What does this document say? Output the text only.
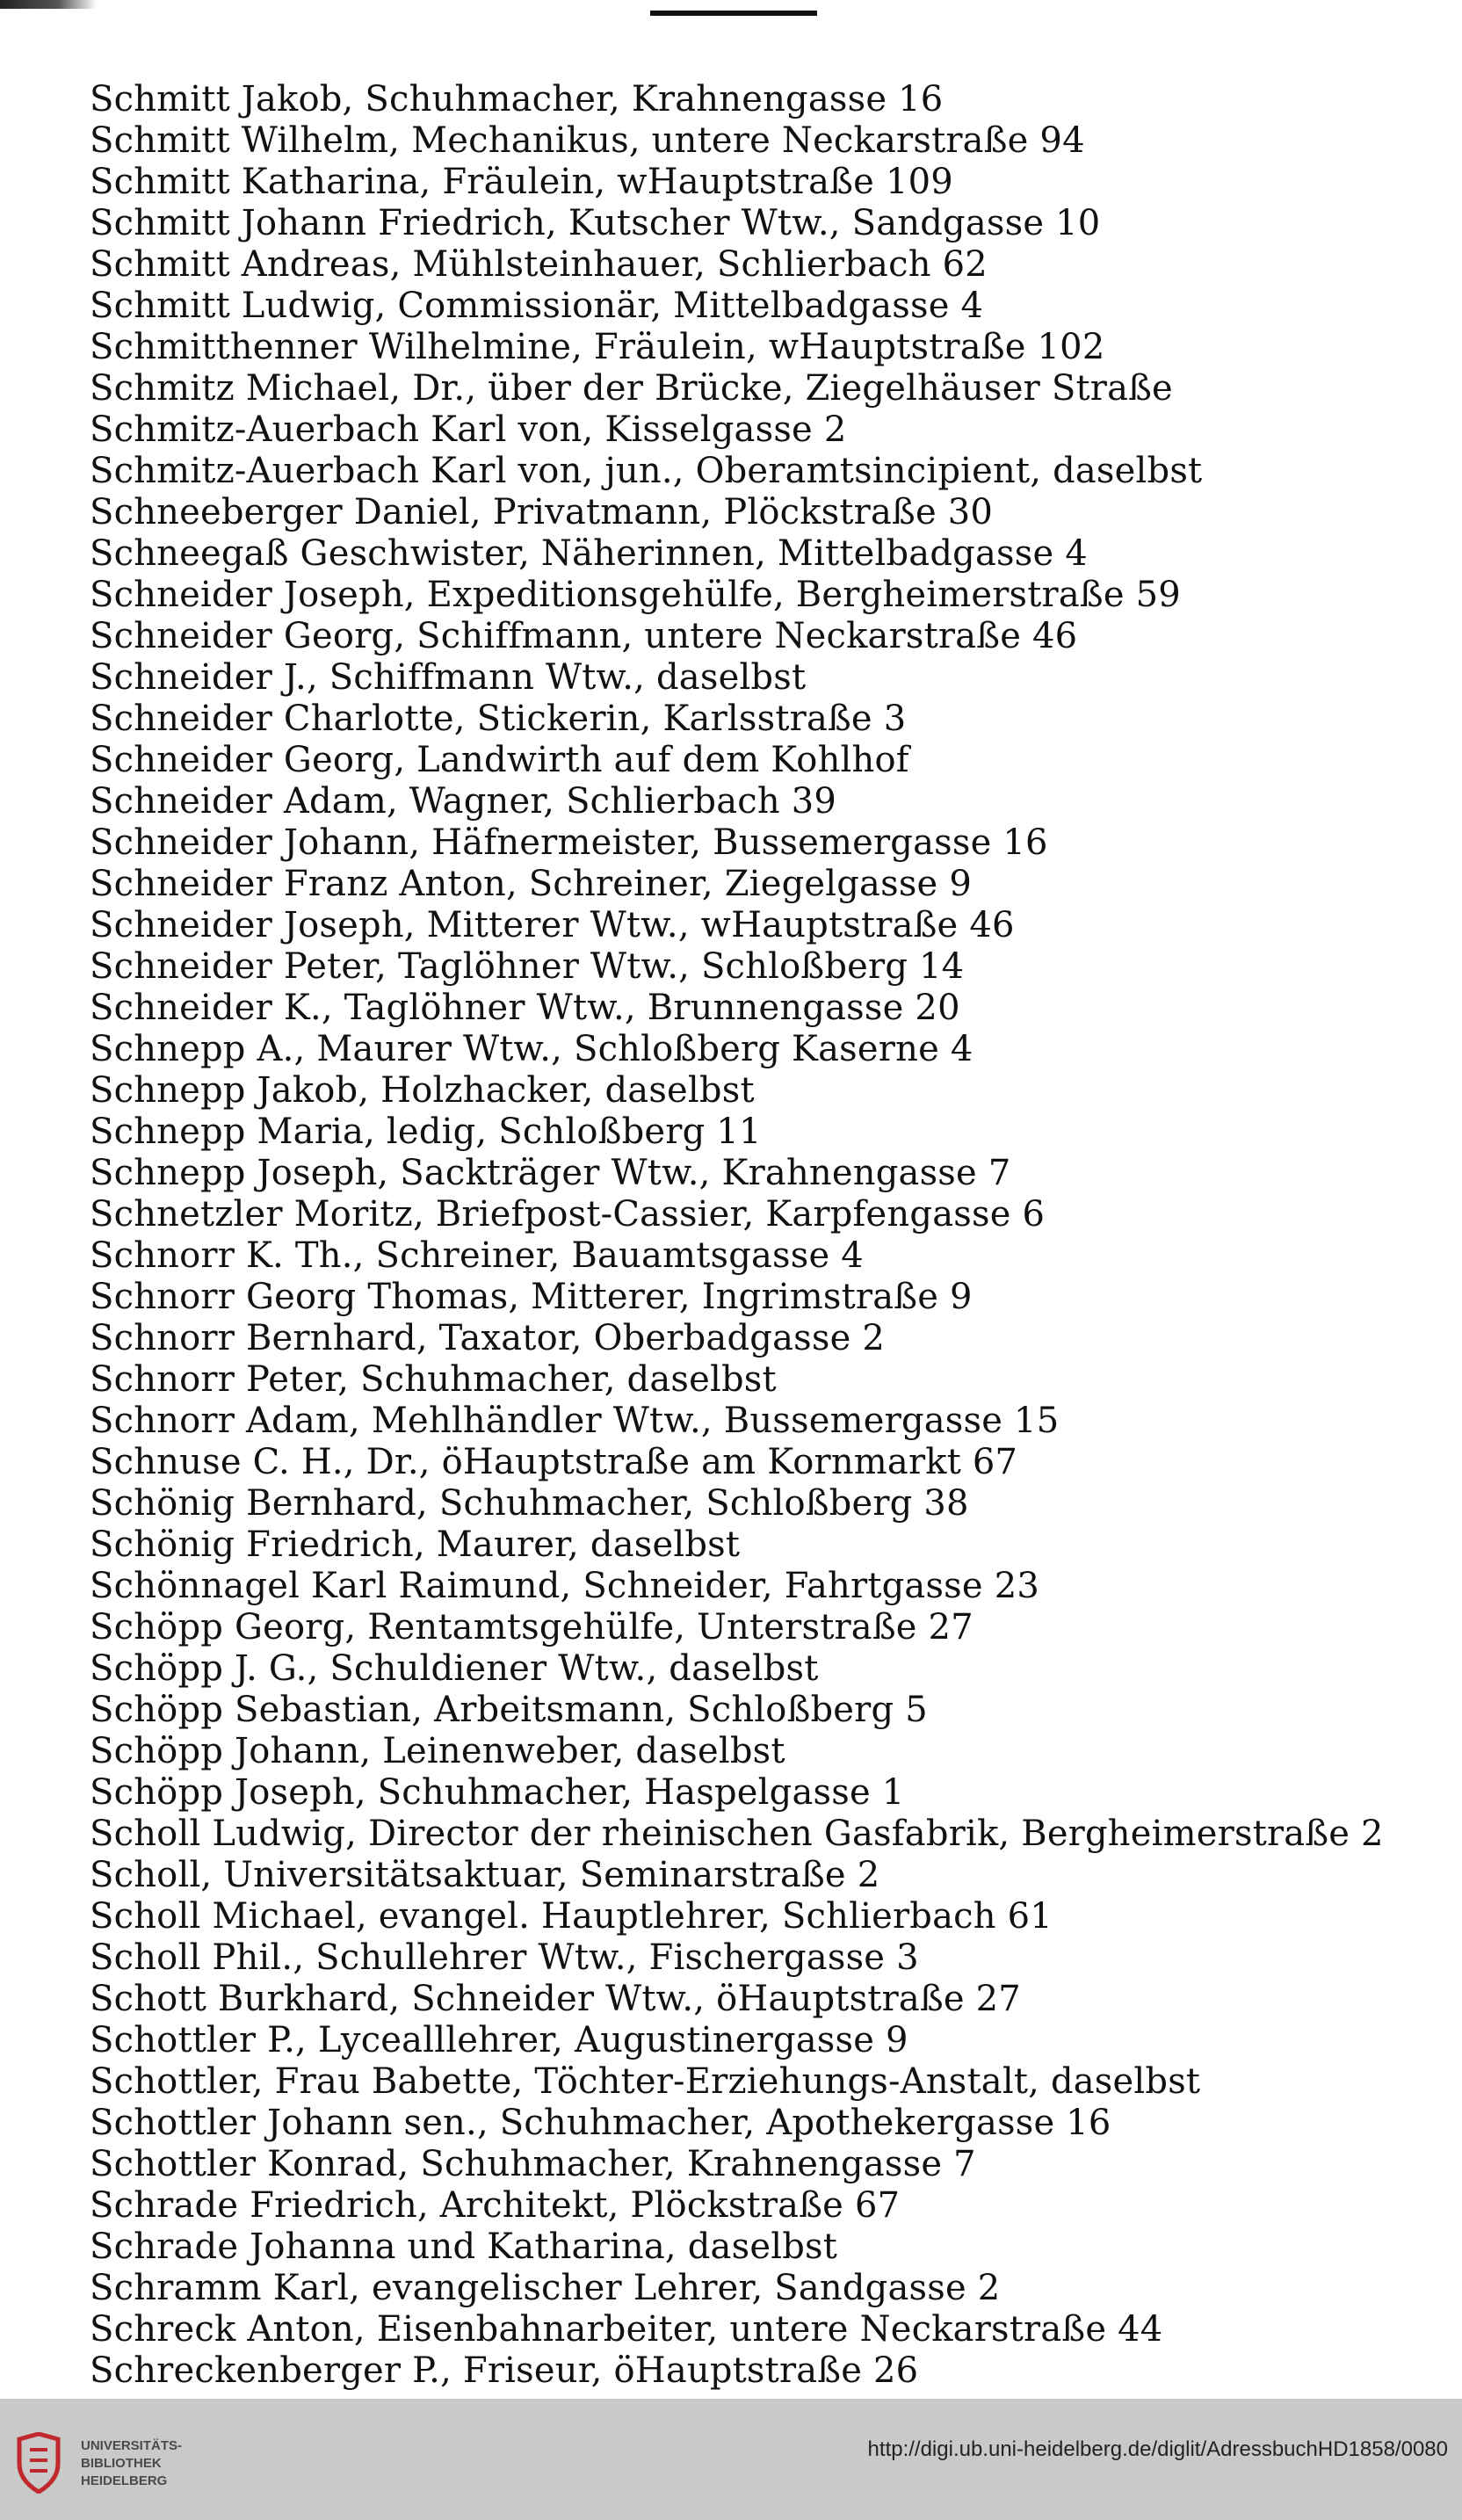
Schmitt Jakob, Schuhmacher, Krahnengasse 16
Schmitt Wilhelm, Mechanikus, untere Neckarstraße 94
Schmitt Katharina, Fräulein, wHauptstraße 109
Schmitt Johann Friedrich, Kutscher Wtw., Sandgasse 10
Schmitt Andreas, Mühlsteinhauer, Schlierbach 62
Schmitt Ludwig, Commissionär, Mittelbadgasse 4
Schmitthenner Wilhelmine, Fräulein, wHauptstraße 102
Schmitz Michael, Dr., über der Brücke, Ziegelhäuser Straße
Schmitz-Auerbach Karl von, Kisselgasse 2
Schmitz-Auerbach Karl von, jun., Oberamtsincipient, daselbst
Schneeberger Daniel, Privatmann, Plöckstraße 30
Schneegaß Geschwister, Näherinnen, Mittelbadgasse 4
Schneider Joseph, Expeditionsgehülfe, Bergheimerstraße 59
Schneider Georg, Schiffmann, untere Neckarstraße 46
Schneider J., Schiffmann Wtw., daselbst
Schneider Charlotte, Stickerin, Karlsstraße 3
Schneider Georg, Landwirth auf dem Kohlhof
Schneider Adam, Wagner, Schlierbach 39
Schneider Johann, Häfnermeister, Bussemergasse 16
Schneider Franz Anton, Schreiner, Ziegelgasse 9
Schneider Joseph, Mitterer Wtw., wHauptstraße 46
Schneider Peter, Taglöhner Wtw., Schloßberg 14
Schneider K., Taglöhner Wtw., Brunnengasse 20
Schnepp A., Maurer Wtw., Schloßberg Kaserne 4
Schnepp Jakob, Holzhacker, daselbst
Schnepp Maria, ledig, Schloßberg 11
Schnepp Joseph, Sackträger Wtw., Krahnengasse 7
Schnetzler Moritz, Briefpost-Cassier, Karpfengasse 6
Schnorr K. Th., Schreiner, Bauamtsgasse 4
Schnorr Georg Thomas, Mitterer, Ingrimstraße 9
Schnorr Bernhard, Taxator, Oberbadgasse 2
Schnorr Peter, Schuhmacher, daselbst
Schnorr Adam, Mehlhändler Wtw., Bussemergasse 15
Schnuse C. H., Dr., öHauptstraße am Kornmarkt 67
Schönig Bernhard, Schuhmacher, Schloßberg 38
Schönig Friedrich, Maurer, daselbst
Schönnagel Karl Raimund, Schneider, Fahrtgasse 23
Schöpp Georg, Rentamtsgehülfe, Unterstraße 27
Schöpp J. G., Schuldiener Wtw., daselbst
Schöpp Sebastian, Arbeitsmann, Schloßberg 5
Schöpp Johann, Leinenweber, daselbst
Schöpp Joseph, Schuhmacher, Haspelgasse 1
Scholl Ludwig, Director der rheinischen Gasfabrik, Bergheimerstraße 2
Scholl, Universitätsaktuar, Seminarstraße 2
Scholl Michael, evangel. Hauptlehrer, Schlierbach 61
Scholl Phil., Schullehrer Wtw., Fischergasse 3
Schott Burkhard, Schneider Wtw., öHauptstraße 27
Schottler P., Lycealllehrer, Augustinergasse 9
Schottler, Frau Babette, Töchter-Erziehungs-Anstalt, daselbst
Schottler Johann sen., Schuhmacher, Apothekergasse 16
Schottler Konrad, Schuhmacher, Krahnengasse 7
Schrade Friedrich, Architekt, Plöckstraße 67
Schrade Johanna und Katharina, daselbst
Schramm Karl, evangelischer Lehrer, Sandgasse 2
Schreck Anton, Eisenbahnarbeiter, untere Neckarstraße 44
Schreckenberger P., Friseur, öHauptstraße 26
UNIVERSITÄTS-
BIBLIOTHEK
HEIDELBERG
http://digi.ub.uni-heidelberg.de/diglit/AdressbuchHD1858/0080
